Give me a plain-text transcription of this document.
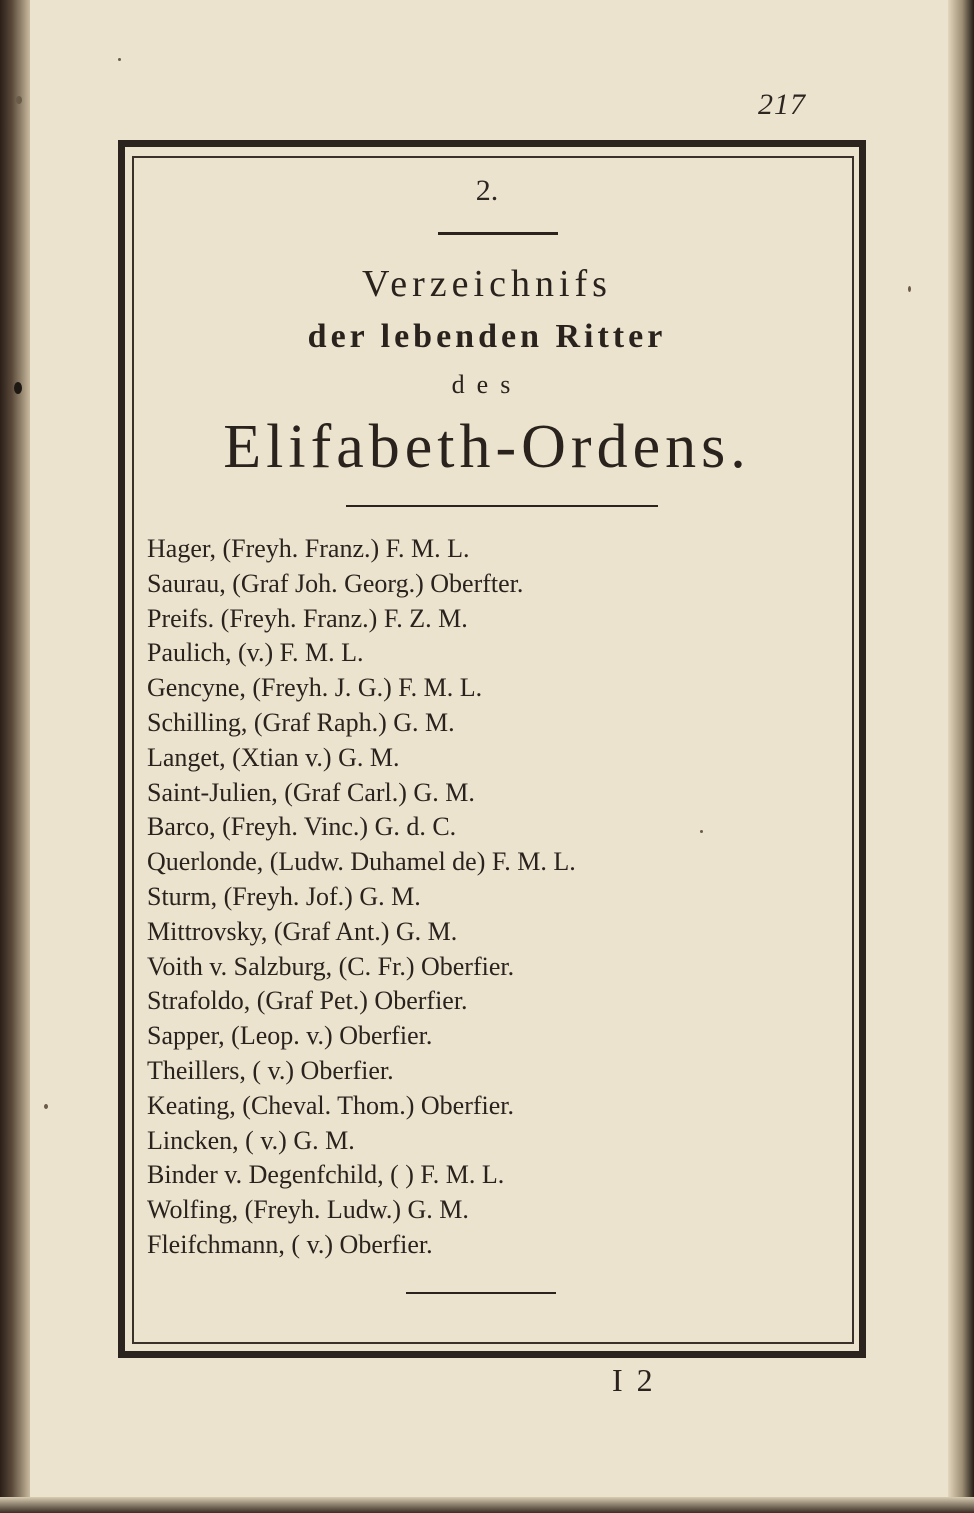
217
2.
Verzeichnifs
der lebenden Ritter
des
Elifabeth-Ordens.
Hager, (Freyh. Franz.) F. M. L.
Saurau, (Graf Joh. Georg.) Oberfter.
Preifs. (Freyh. Franz.) F. Z. M.
Paulich, (v.) F. M. L.
Gencyne, (Freyh. J. G.) F. M. L.
Schilling, (Graf Raph.) G. M.
Langet, (Xtian v.) G. M.
Saint-Julien, (Graf Carl.) G. M.
Barco, (Freyh. Vinc.) G. d. C.
Querlonde, (Ludw. Duhamel de) F. M. L.
Sturm, (Freyh. Jof.) G. M.
Mittrovsky, (Graf Ant.) G. M.
Voith v. Salzburg, (C. Fr.) Oberfier.
Strafoldo, (Graf Pet.) Oberfier.
Sapper, (Leop. v.) Oberfier.
Theillers, ( v.) Oberfier.
Keating, (Cheval. Thom.) Oberfier.
Lincken, ( v.) G. M.
Binder v. Degenfchild, ( ) F. M. L.
Wolfing, (Freyh. Ludw.) G. M.
Fleifchmann, ( v.) Oberfier.
I 2
